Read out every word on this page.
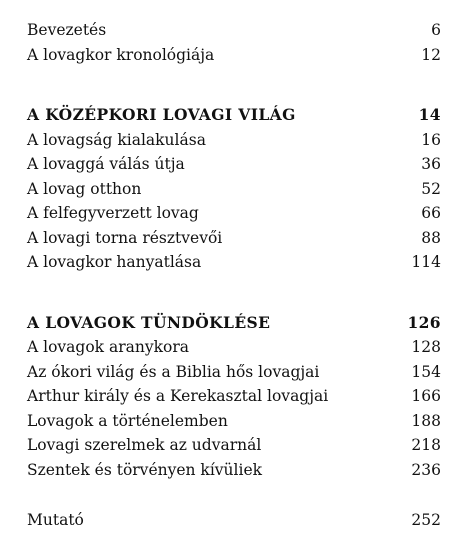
Bevezetés	6
A lovagkor kronológiája	12
A KÖZÉPKORI LOVAGI VILÁG	14
A lovagság kialakulása	16
A lovaggá válás útja	36
A lovag otthon	52
A felfegyverzett lovag	66
A lovagi torna résztvevői	88
A lovagkor hanyatlása	114
A LOVAGOK TÜNDÖKLÉSE	126
A lovagok aranykora	128
Az ókori világ és a Biblia hős lovagjai	154
Arthur király és a Kerekasztal lovagjai	166
Lovagok a történelemben	188
Lovagi szerelmek az udvarnál	218
Szentek és törvényen kívüliek	236
Mutató	252
